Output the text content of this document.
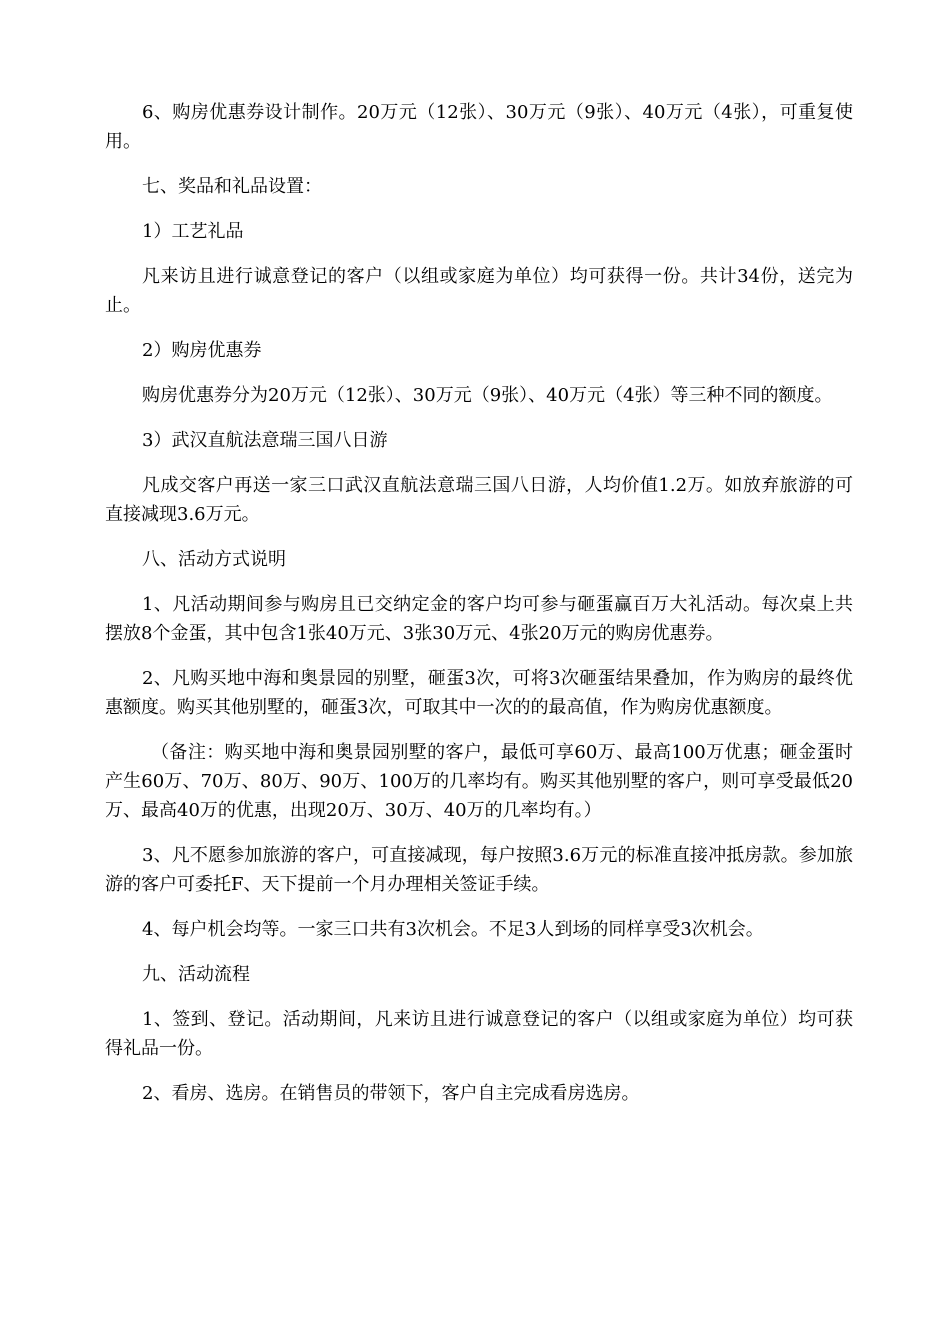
6、购房优惠券设计制作。20万元（12张）、30万元（9张）、40万元（4张），可重复使用。

七、奖品和礼品设置：

1）工艺礼品

凡来访且进行诚意登记的客户（以组或家庭为单位）均可获得一份。共计34份，送完为止。

2）购房优惠券

购房优惠券分为20万元（12张）、30万元（9张）、40万元（4张）等三种不同的额度。

3）武汉直航法意瑞三国八日游

凡成交客户再送一家三口武汉直航法意瑞三国八日游，人均价值1.2万。如放弃旅游的可直接减现3.6万元。

八、活动方式说明

1、凡活动期间参与购房且已交纳定金的客户均可参与砸蛋赢百万大礼活动。每次桌上共摆放8个金蛋，其中包含1张40万元、3张30万元、4张20万元的购房优惠券。

2、凡购买地中海和奥景园的别墅，砸蛋3次，可将3次砸蛋结果叠加，作为购房的最终优惠额度。购买其他别墅的，砸蛋3次，可取其中一次的的最高值，作为购房优惠额度。

（备注：购买地中海和奥景园别墅的客户，最低可享60万、最高100万优惠；砸金蛋时产生60万、70万、80万、90万、100万的几率均有。购买其他别墅的客户，则可享受最低20万、最高40万的优惠，出现20万、30万、40万的几率均有。）

3、凡不愿参加旅游的客户，可直接减现，每户按照3.6万元的标准直接冲抵房款。参加旅游的客户可委托F、天下提前一个月办理相关签证手续。

4、每户机会均等。一家三口共有3次机会。不足3人到场的同样享受3次机会。

九、活动流程

1、签到、登记。活动期间，凡来访且进行诚意登记的客户（以组或家庭为单位）均可获得礼品一份。

2、看房、选房。在销售员的带领下，客户自主完成看房选房。
